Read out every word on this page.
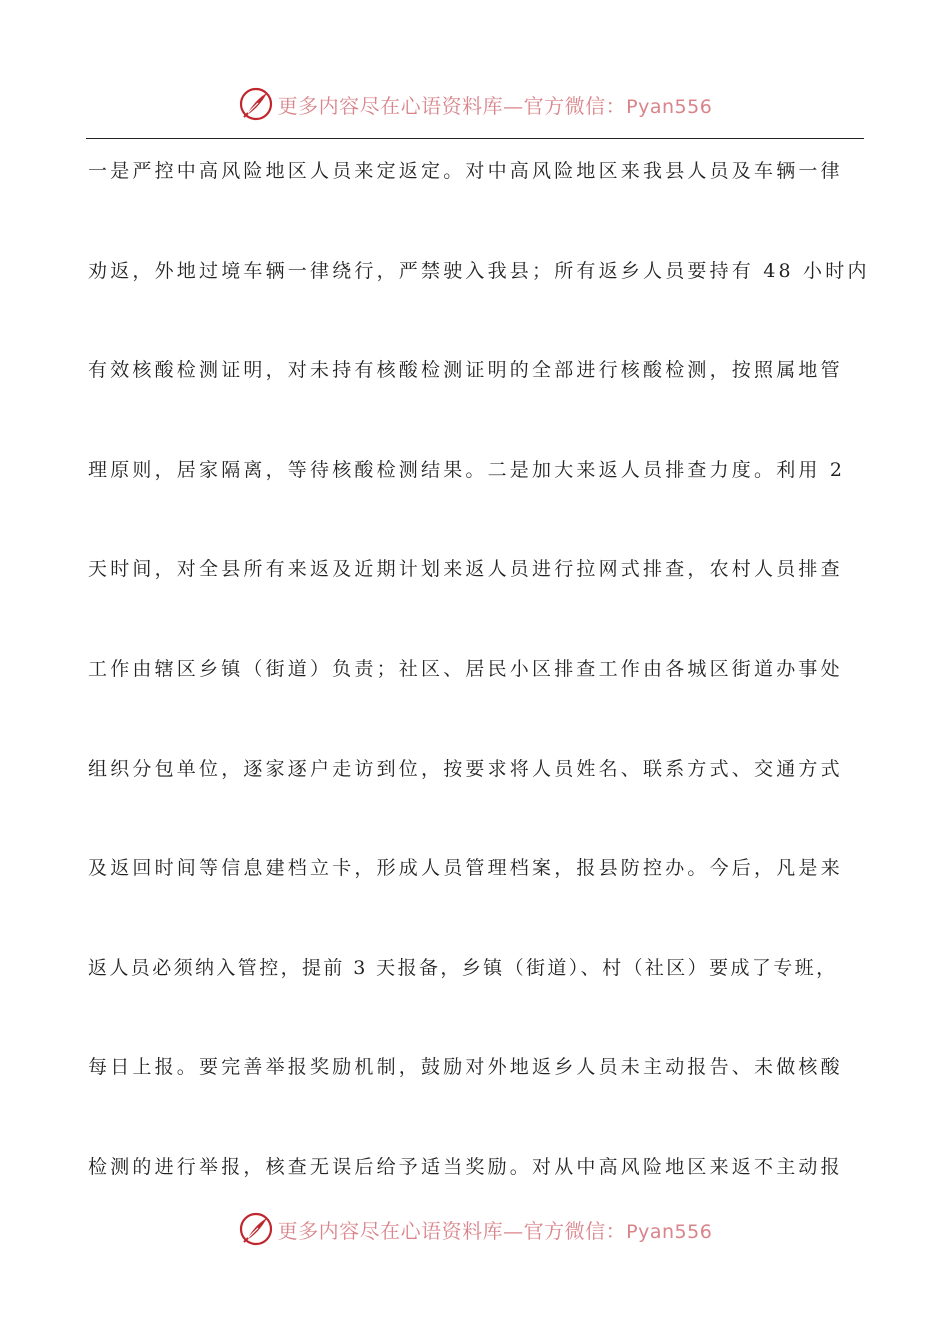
更多内容尽在心语资料库—官方微信：Pyan556
一是严控中高风险地区人员来定返定。对中高风险地区来我县人员及车辆一律
劝返，外地过境车辆一律绕行，严禁驶入我县；所有返乡人员要持有 48 小时内
有效核酸检测证明，对未持有核酸检测证明的全部进行核酸检测，按照属地管
理原则，居家隔离，等待核酸检测结果。二是加大来返人员排查力度。利用 2
天时间，对全县所有来返及近期计划来返人员进行拉网式排查，农村人员排查
工作由辖区乡镇（街道）负责；社区、居民小区排查工作由各城区街道办事处
组织分包单位，逐家逐户走访到位，按要求将人员姓名、联系方式、交通方式
及返回时间等信息建档立卡，形成人员管理档案，报县防控办。今后，凡是来
返人员必须纳入管控，提前 3 天报备，乡镇（街道）、村（社区）要成了专班，
每日上报。要完善举报奖励机制，鼓励对外地返乡人员未主动报告、未做核酸
检测的进行举报，核查无误后给予适当奖励。对从中高风险地区来返不主动报
更多内容尽在心语资料库—官方微信：Pyan556
